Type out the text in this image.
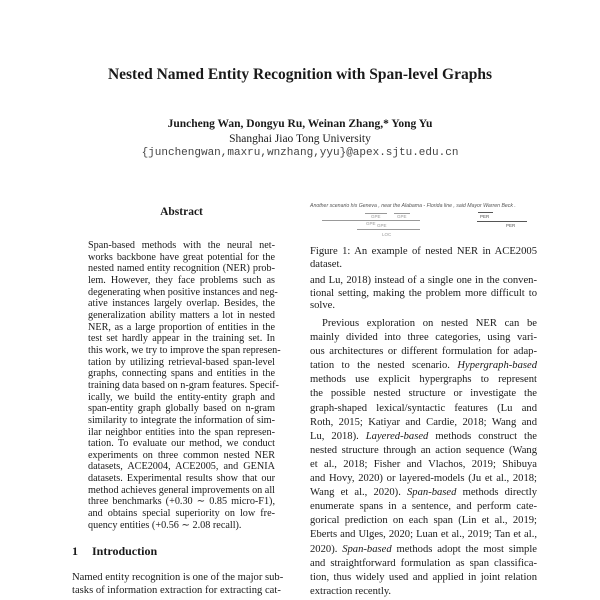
Nested Named Entity Recognition with Span-level Graphs
Juncheng Wan, Dongyu Ru, Weinan Zhang,* Yong Yu
Shanghai Jiao Tong University
{junchengwan,maxru,wnzhang,yyu}@apex.sjtu.edu.cn
Abstract
Span-based methods with the neural net-
works backbone have great potential for the
nested named entity recognition (NER) prob-
lem. However, they face problems such as
degenerating when positive instances and neg-
ative instances largely overlap. Besides, the
generalization ability matters a lot in nested
NER, as a large proportion of entities in the
test set hardly appear in the training set. In
this work, we try to improve the span represen-
tation by utilizing retrieval-based span-level
graphs, connecting spans and entities in the
training data based on n-gram features. Specif-
ically, we build the entity-entity graph and
span-entity graph globally based on n-gram
similarity to integrate the information of sim-
ilar neighbor entities into the span represen-
tation. To evaluate our method, we conduct
experiments on three common nested NER
datasets, ACE2004, ACE2005, and GENIA
datasets. Experimental results show that our
method achieves general improvements on all
three benchmarks (+0.30 ∼ 0.85 micro-F1),
and obtains special superiority on low fre-
quency entities (+0.56 ∼ 2.08 recall).
1 Introduction
Named entity recognition is one of the major sub-
tasks of information extraction for extracting cat-
Another scenario his Geneva , near the Alabama - Florida line , said Mayor Warren Beck .
GPE	GPE
GPE GPE
LOC
PER
PER
Figure 1: An example of nested NER in ACE2005
dataset.
and Lu, 2018) instead of a single one in the conven-
tional setting, making the problem more difficult to
solve.
Previous exploration on nested NER can be
mainly divided into three categories, using vari-
ous architectures or different formulation for adap-
tation to the nested scenario. Hypergraph-based
methods use explicit hypergraphs to represent
the possible nested structure or investigate the
graph-shaped lexical/syntactic features (Lu and
Roth, 2015; Katiyar and Cardie, 2018; Wang and
Lu, 2018). Layered-based methods construct the
nested structure through an action sequence (Wang
et al., 2018; Fisher and Vlachos, 2019; Shibuya
and Hovy, 2020) or layered-models (Ju et al., 2018;
Wang et al., 2020). Span-based methods directly
enumerate spans in a sentence, and perform cate-
gorical prediction on each span (Lin et al., 2019;
Eberts and Ulges, 2020; Luan et al., 2019; Tan et al.,
2020). Span-based methods adopt the most simple
and straightforward formulation as span classifica-
tion, thus widely used and applied in joint relation
extraction recently.
